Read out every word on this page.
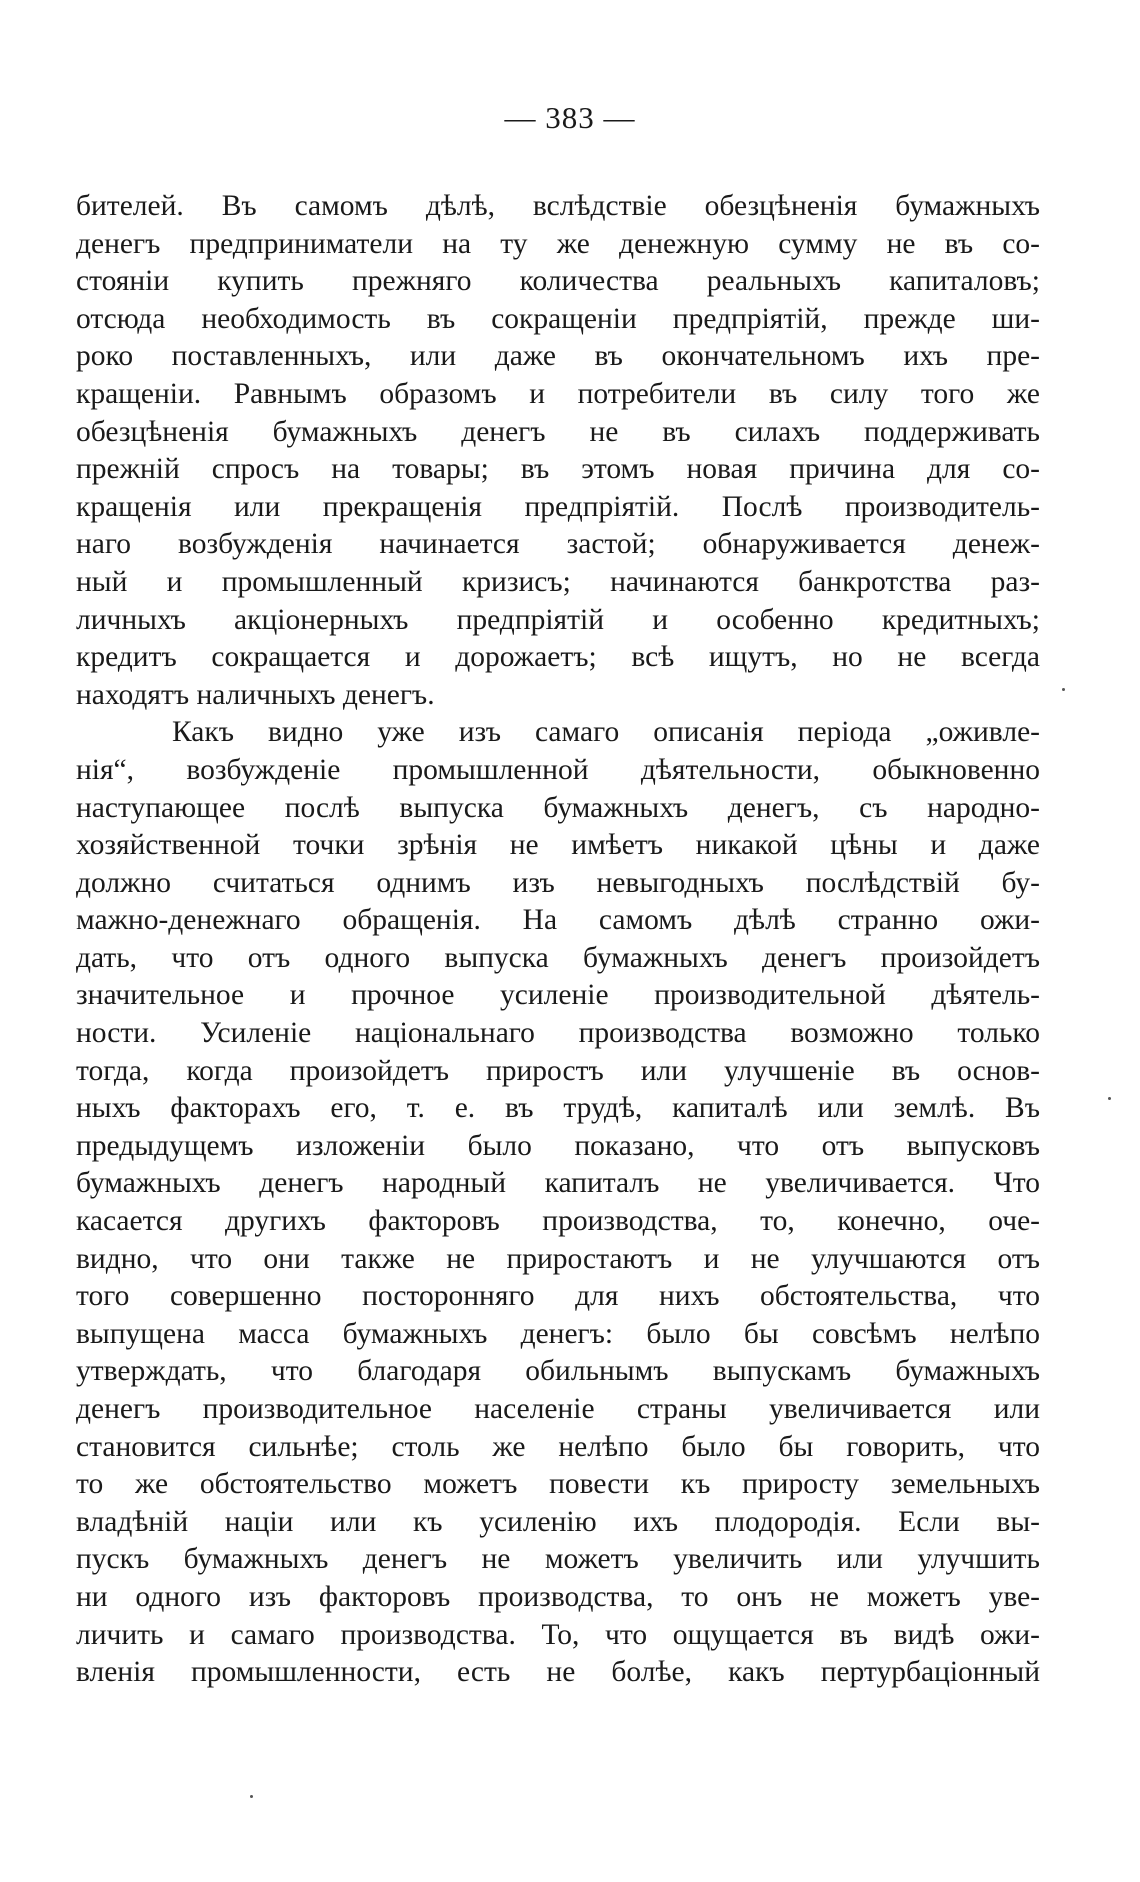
— 383 —
бителей. Въ самомъ дѣлѣ, вслѣдствіе обезцѣненія бумажныхъ
денегъ предприниматели на ту же денежную сумму не въ со-
стояніи купить прежняго количества реальныхъ капиталовъ;
отсюда необходимость въ сокращеніи предпріятій, прежде ши-
роко поставленныхъ, или даже въ окончательномъ ихъ пре-
кращеніи. Равнымъ образомъ и потребители въ силу того же
обезцѣненія бумажныхъ денегъ не въ силахъ поддерживать
прежній спросъ на товары; въ этомъ новая причина для со-
кращенія или прекращенія предпріятій. Послѣ производитель-
наго возбужденія начинается застой; обнаруживается денеж-
ный и промышленный кризисъ; начинаются банкротства раз-
личныхъ акціонерныхъ предпріятій и особенно кредитныхъ;
кредитъ сокращается и дорожаетъ; всѣ ищутъ, но не всегда
находятъ наличныхъ денегъ.
Какъ видно уже изъ самаго описанія періода „оживле-
нія“, возбужденіе промышленной дѣятельности, обыкновенно
наступающее послѣ выпуска бумажныхъ денегъ, съ народно-
хозяйственной точки зрѣнія не имѣетъ никакой цѣны и даже
должно считаться однимъ изъ невыгодныхъ послѣдствій бу-
мажно-денежнаго обращенія. На самомъ дѣлѣ странно ожи-
дать, что отъ одного выпуска бумажныхъ денегъ произойдетъ
значительное и прочное усиленіе производительной дѣятель-
ности. Усиленіе національнаго производства возможно только
тогда, когда произойдетъ приростъ или улучшеніе въ основ-
ныхъ факторахъ его, т. е. въ трудѣ, капиталѣ или землѣ. Въ
предыдущемъ изложеніи было показано, что отъ выпусковъ
бумажныхъ денегъ народный капиталъ не увеличивается. Что
касается другихъ факторовъ производства, то, конечно, оче-
видно, что они также не приростаютъ и не улучшаются отъ
того совершенно посторонняго для нихъ обстоятельства, что
выпущена масса бумажныхъ денегъ: было бы совсѣмъ нелѣпо
утверждать, что благодаря обильнымъ выпускамъ бумажныхъ
денегъ производительное населеніе страны увеличивается или
становится сильнѣе; столь же нелѣпо было бы говорить, что
то же обстоятельство можетъ повести къ приросту земельныхъ
владѣній націи или къ усиленію ихъ плодородія. Если вы-
пускъ бумажныхъ денегъ не можетъ увеличить или улучшить
ни одного изъ факторовъ производства, то онъ не можетъ уве-
личить и самаго производства. То, что ощущается въ видѣ ожи-
вленія промышленности, есть не болѣе, какъ пертурбаціонный
